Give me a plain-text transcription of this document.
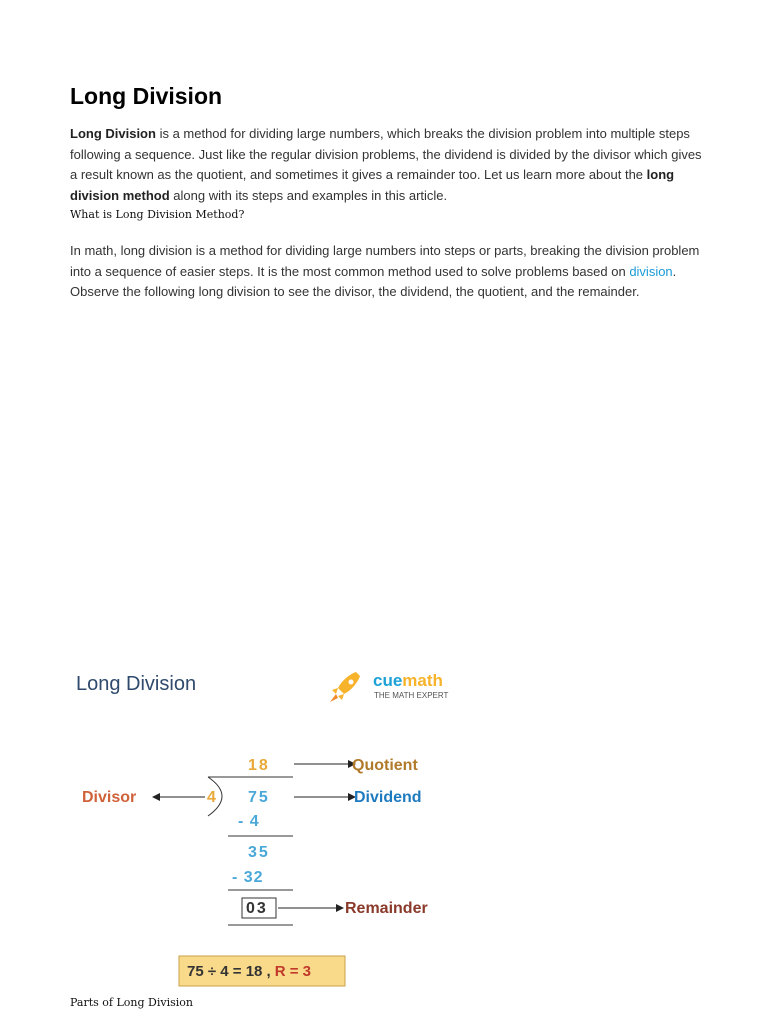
Long Division
Long Division is a method for dividing large numbers, which breaks the division problem into multiple steps following a sequence. Just like the regular division problems, the dividend is divided by the divisor which gives a result known as the quotient, and sometimes it gives a remainder too. Let us learn more about the long division method along with its steps and examples in this article.
What is Long Division Method?
In math, long division is a method for dividing large numbers into steps or parts, breaking the division problem into a sequence of easier steps. It is the most common method used to solve problems based on division. Observe the following long division to see the divisor, the dividend, the quotient, and the remainder.
Long Division	cuemath
THE MATH EXPERT
18	Quotient
4
Divisor	75	Dividend
- 4
35
- 32
03	Remainder
75 ÷ 4 = 18 , R = 3
Parts of Long Division
